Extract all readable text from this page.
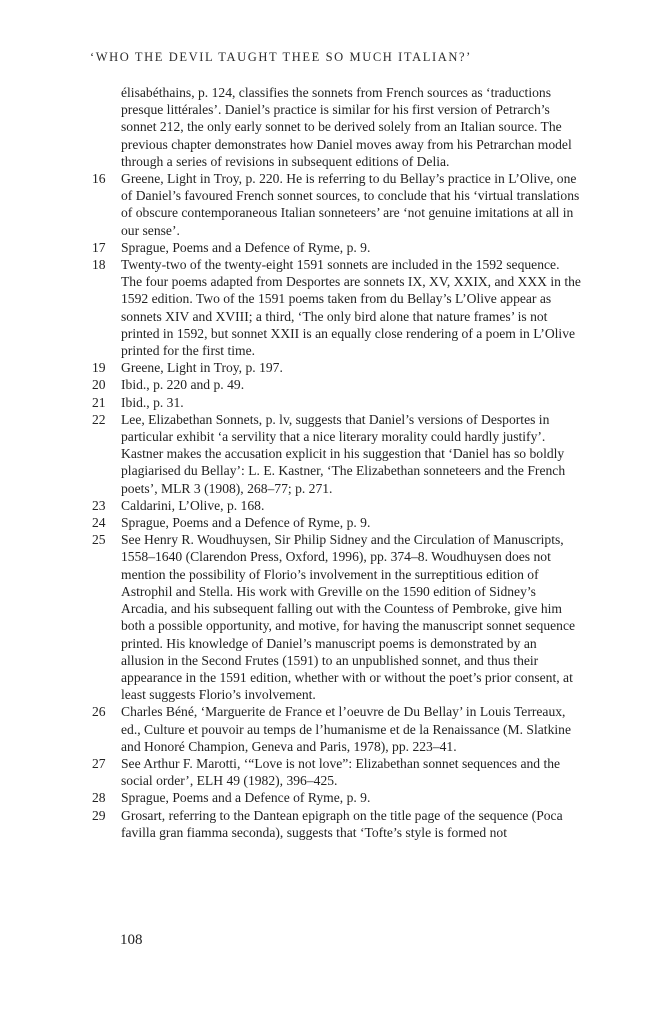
‘WHO THE DEVIL TAUGHT THEE SO MUCH ITALIAN?’
élisabéthains, p. 124, classifies the sonnets from French sources as ‘traductions presque littérales’. Daniel’s practice is similar for his first version of Petrarch’s sonnet 212, the only early sonnet to be derived solely from an Italian source. The previous chapter demonstrates how Daniel moves away from his Petrarchan model through a series of revisions in subsequent editions of Delia.
16	Greene, Light in Troy, p. 220. He is referring to du Bellay’s practice in L’Olive, one of Daniel’s favoured French sonnet sources, to conclude that his ‘virtual translations of obscure contemporaneous Italian sonneteers’ are ‘not genuine imitations at all in our sense’.
17	Sprague, Poems and a Defence of Ryme, p. 9.
18	Twenty-two of the twenty-eight 1591 sonnets are included in the 1592 sequence. The four poems adapted from Desportes are sonnets IX, XV, XXIX, and XXX in the 1592 edition. Two of the 1591 poems taken from du Bellay’s L’Olive appear as sonnets XIV and XVIII; a third, ‘The only bird alone that nature frames’ is not printed in 1592, but sonnet XXII is an equally close rendering of a poem in L’Olive printed for the first time.
19	Greene, Light in Troy, p. 197.
20	Ibid., p. 220 and p. 49.
21	Ibid., p. 31.
22	Lee, Elizabethan Sonnets, p. lv, suggests that Daniel’s versions of Desportes in particular exhibit ‘a servility that a nice literary morality could hardly justify’. Kastner makes the accusation explicit in his suggestion that ‘Daniel has so boldly plagiarised du Bellay’: L. E. Kastner, ‘The Elizabethan sonneteers and the French poets’, MLR 3 (1908), 268–77; p. 271.
23	Caldarini, L’Olive, p. 168.
24	Sprague, Poems and a Defence of Ryme, p. 9.
25	See Henry R. Woudhuysen, Sir Philip Sidney and the Circulation of Manuscripts, 1558–1640 (Clarendon Press, Oxford, 1996), pp. 374–8. Woudhuysen does not mention the possibility of Florio’s involvement in the surreptitious edition of Astrophil and Stella. His work with Greville on the 1590 edition of Sidney’s Arcadia, and his subsequent falling out with the Countess of Pembroke, give him both a possible opportunity, and motive, for having the manuscript sonnet sequence printed. His knowledge of Daniel’s manuscript poems is demonstrated by an allusion in the Second Frutes (1591) to an unpublished sonnet, and thus their appearance in the 1591 edition, whether with or without the poet’s prior consent, at least suggests Florio’s involvement.
26	Charles Béné, ‘Marguerite de France et l’oeuvre de Du Bellay’ in Louis Terreaux, ed., Culture et pouvoir au temps de l’humanisme et de la Renaissance (M. Slatkine and Honoré Champion, Geneva and Paris, 1978), pp. 223–41.
27	See Arthur F. Marotti, ‘“Love is not love”: Elizabethan sonnet sequences and the social order’, ELH 49 (1982), 396–425.
28	Sprague, Poems and a Defence of Ryme, p. 9.
29	Grosart, referring to the Dantean epigraph on the title page of the sequence (Poca favilla gran fiamma seconda), suggests that ‘Tofte’s style is formed not
108
